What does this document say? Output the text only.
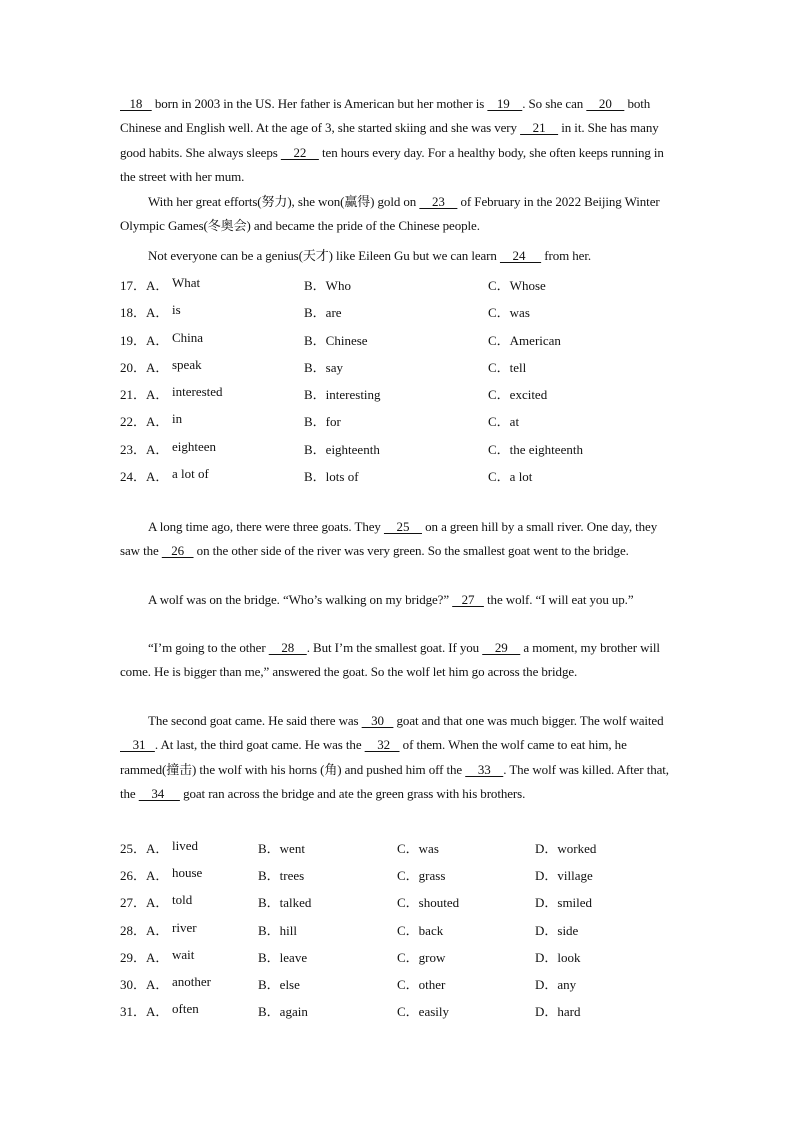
18    born in 2003 in the US. Her father is American but her mother is    19    . So she can     20     both Chinese and English well. At the age of 3, she started skiing and she was very     21     in it. She has many good habits. She always sleeps     22     ten hours every day. For a healthy body, she often keeps running in the street with her mum.

With her great efforts(努力), she won(赢得) gold on     23     of February in the 2022 Beijing Winter Olympic Games(冬奥会) and became the pride of the Chinese people.

Not everyone can be a genius(天才) like Eileen Gu but we can learn     24      from her.

17．A． What	B．Who	C．Whose
18．A． is	B．are	C．was
19．A． China	B．Chinese	C．American
20．A． speak	B．say	C．tell
21．A． interested	B．interesting	C．excited
22．A． in	B．for	C．at
23．A． eighteen	B．eighteenth	C．the eighteenth
24．A． a lot of	B．lots of	C．a lot

A long time ago, there were three goats. They     25     on a green hill by a small river. One day, they saw the    26    on the other side of the river was very green. So the smallest goat went to the bridge.

A wolf was on the bridge. “Who’s walking on my bridge?”    27    the wolf. “I will eat you up.”

“I’m going to the other     28    . But I’m the smallest goat. If you     29     a moment, my brother will come. He is bigger than me,” answered the goat. So the wolf let him go across the bridge.

The second goat came. He said there was    30    goat and that one was much bigger. The wolf waited     31   . At last, the third goat came. He was the     32    of them. When the wolf came to eat him, he rammed(撞击) the wolf with his horns (角) and pushed him off the     33    . The wolf was killed. After that, the     34      goat ran across the bridge and ate the green grass with his brothers.

25．A． lived	B．went	C．was	D．worked
26．A． house	B．trees	C．grass	D．village
27．A． told	B．talked	C．shouted	D．smiled
28．A． river	B．hill	C．back	D．side
29．A． wait	B．leave	C．grow	D．look
30．A． another	B．else	C．other	D．any
31．A． often	B．again	C．easily	D．hard
